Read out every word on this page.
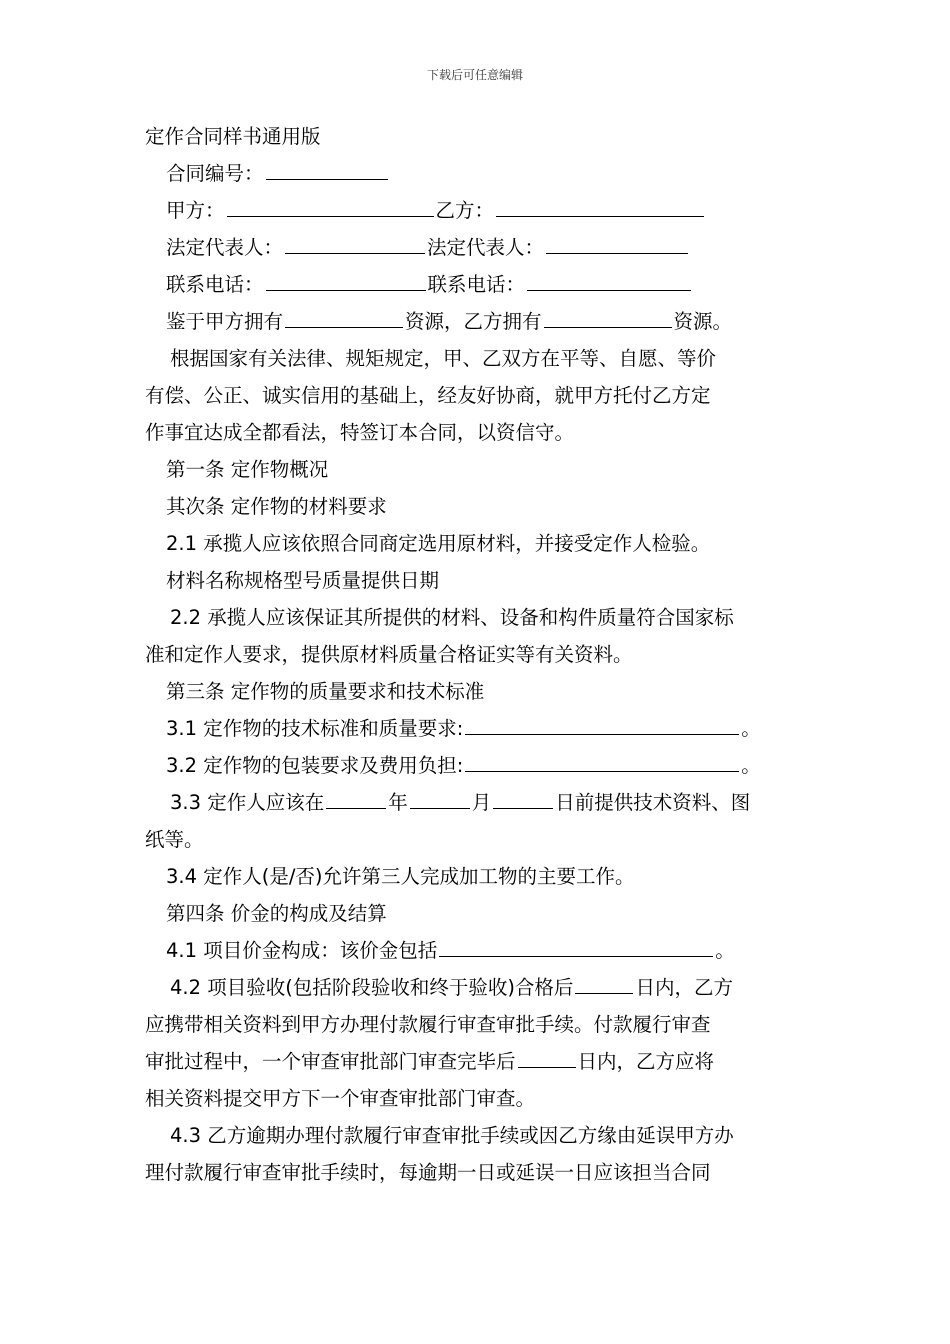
下载后可任意编辑
定作合同样书通用版
合同编号：
甲方：	乙方：
法定代表人：	法定代表人：
联系电话：	联系电话：
鉴于甲方拥有	资源，乙方拥有	资源。
根据国家有关法律、规矩规定，甲、乙双方在平等、自愿、等价
有偿、公正、诚实信用的基础上，经友好协商，就甲方托付乙方定
作事宜达成全都看法，特签订本合同，以资信守。
第一条 定作物概况
其次条 定作物的材料要求
2.1 承揽人应该依照合同商定选用原材料，并接受定作人检验。
材料名称规格型号质量提供日期
2.2 承揽人应该保证其所提供的材料、设备和构件质量符合国家标
准和定作人要求，提供原材料质量合格证实等有关资料。
第三条 定作物的质量要求和技术标准
3.1 定作物的技术标准和质量要求:	。
3.2 定作物的包装要求及费用负担:	。
3.3 定作人应该在	年	月	日前提供技术资料、图
纸等。
3.4 定作人(是/否)允许第三人完成加工物的主要工作。
第四条 价金的构成及结算
4.1 项目价金构成：该价金包括	。
4.2 项目验收(包括阶段验收和终于验收)合格后	日内，乙方
应携带相关资料到甲方办理付款履行审查审批手续。付款履行审查
审批过程中，一个审查审批部门审查完毕后	日内，乙方应将
相关资料提交甲方下一个审查审批部门审查。
4.3 乙方逾期办理付款履行审查审批手续或因乙方缘由延误甲方办
理付款履行审查审批手续时，每逾期一日或延误一日应该担当合同
